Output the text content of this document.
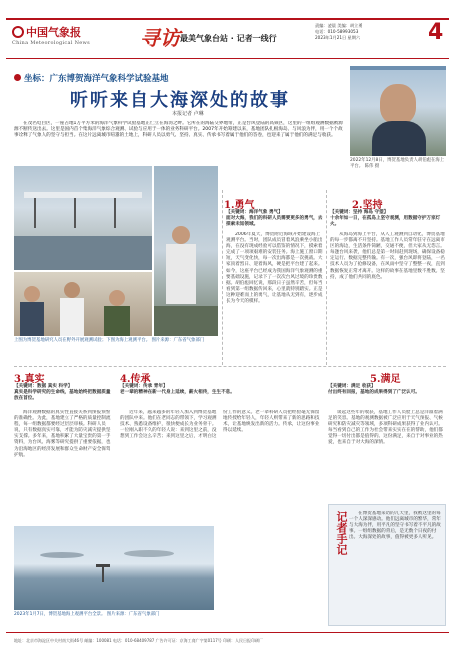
中国气象报
China Meteorological News	寻访 最美气象台站 · 记者一线行
责编：凌晨 美编：胡立勇
电话：010-58993053
2023年1月21日 星期六	4
坐标：广东博贺海洋气象科学试验基地
听听来自大海深处的故事
本报记者 卢琳
在茂名电白区，一座占地1万平方米的海洋气象科学试验基地正伫立在海湾之畔。它所在的海陆交界地带，正是台风登陆的高频区，这里的一组组观测数据被源源不断传送出去。这里是国内首个集海洋气象综合观测、试验与应用于一体的业务科研平台。2007年开始筹建以来，基地团队扎根海岛、与风浪为伴，用一个个故事诠释了气象人的坚守与担当。在这片远离城市喧嚣的土地上，科研人员以勇气、坚持、真实、传承书写着属于他们的答卷，也迎来了属于他们的满足与收获。
2022年12月8日，博贺基地负责人胡伯彪在海上平台。 陈伟 摄
上图为博贺基地研究人员在野外开展观测试验；下图为海上观测平台。 图片来源：广东省气象部门
1.勇气
【关键词：海洋气象 勇气】
面对大海，我们的科研人员需要更多的勇气，去探索未知领域。
2006年夏天，博贺附近海域开始建设海上观测平台。当时，团队成员冒着风浪乘坐小船出海，在没有现成经验可以借鉴的情况下，摸索着完成了一项项艰难的安装任务。海上施工窗口期短，天气变化快，每一次出海都是一次挑战。大家顶着烈日、迎着海风，硬是把平台建了起来。如今，这座平台已经成为我国海洋气象观测的重要基础设施，记录下了一次次台风过境的珍贵数据。胡伯彪回忆说，那段日子虽然辛苦，但每当看到第一组数据传回来，心里就特别踏实。正是这种迎难而上的勇气，让基地从无到有，逐步成长为今天的模样。
2.坚持
【关键词：坚持 海岛 守望】
十余年如一日，在孤岛上坚守观测，用数据守护万家灯火。
从海岛到海上平台，从人工观测到自动化，博贺基地的每一步都离不开坚持。基地工作人员常年驻守在远离市区的海边，生活条件简陋，交通不便，但大家从无怨言。每逢台风来袭，他们总是第一时间赶到现场，确保设备稳定运行、数据完整传输。有一次，强台风即将登陆，一名技术人员为了抢修设备，在风雨中坚守了整整一夜，直到数据恢复正常才离开。这样的故事在基地里数不胜数。坚持，成了他们共同的底色。
3.真实
【关键词：数据 真实 科学】
真实是科学研究的生命线，基地始终把数据质量放在首位。
海洋观测数据的真实性直接关系到预报预警的准确性。为此，基地建立了严格的质量控制流程，每一组数据都要经过层层审核。科研人员说，只有数据真实可靠，才能为防灾减灾提供坚实支撑。多年来，基地积累了大量宝贵的第一手资料，为台风、海雾等研究提供了重要依据，也为沿海地区的经济发展和群众生命财产安全保驾护航。
4.传承
【关键词：传承 青年】
老一辈的精神在新一代身上延续，薪火相传，生生不息。
近年来，越来越多的年轻人加入到博贺基地的团队中来。他们在老同志的带领下，学习观测技术、熟悉设备维护，很快便成长为业务骨干。一位刚入职不久的年轻人说：来到这里之前，没想到工作会这么辛苦；来到这里之后，才明白这份工作的意义。老一辈科研人员把经验毫无保留地传授给年轻人，年轻人则带来了新的思路和技术，让基地焕发出新的活力。传承，让这份事业得以延续。
5.满足
【关键词：满足 收获】
付出终有回报，基地的成果得到了广泛认可。
谈起这些年的收获，基地工作人员脸上总是洋溢着满足的笑容。基地的观测数据被广泛应用于天气预报、气候研究和防灾减灾等领域，多项科研成果获得了业内认可。每当看到自己的工作为社会带来实实在在的帮助，他们都觉得一切付出都是值得的。这份满足，来自于对事业的热爱，也来自于对大海的深情。
2023年1月7日，博贺基地海上观测平台全景。 图片来源：广东省气象部门
记者手记	在博贺基地采访的几天里，我被这里的每一个人深深感动。他们远离城市的繁华，常年与大海为伴，用平凡的坚守书写着不平凡的故事。一组组数据的背后，是无数个日夜的付出。大海深处的故事，值得被更多人听见。
地址：北京市海淀区中关村南大街46号 邮编：100081 电话：010-68409787 广告许可证：京海工商广字第0117号 印刷：人民日报印刷厂
